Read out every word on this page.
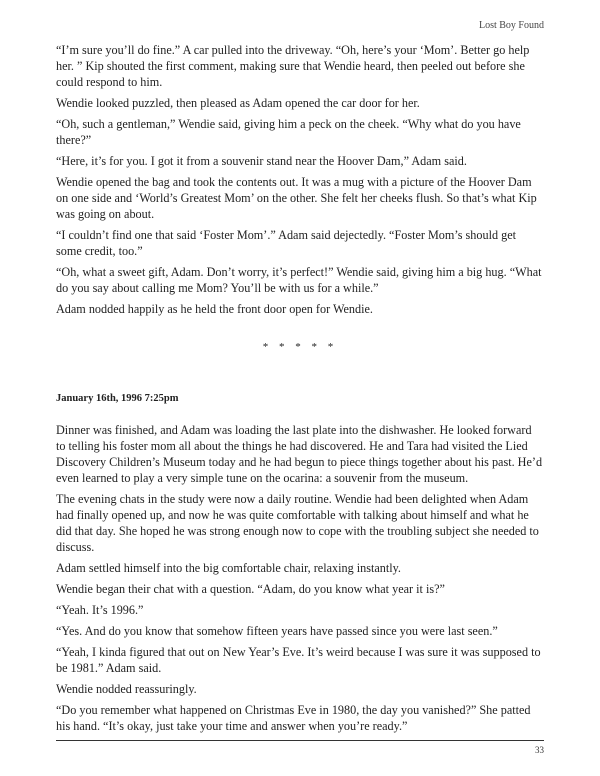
Lost Boy Found

“I’m sure you’ll do fine.” A car pulled into the driveway. “Oh, here’s your ‘Mom’. Better go help her. ” Kip shouted the first comment, making sure that Wendie heard, then peeled out before she could respond to him.

Wendie looked puzzled, then pleased as Adam opened the car door for her.

“Oh, such a gentleman,” Wendie said, giving him a peck on the cheek. “Why what do you have there?”

“Here, it’s for you. I got it from a souvenir stand near the Hoover Dam,” Adam said.

Wendie opened the bag and took the contents out. It was a mug with a picture of the Hoover Dam on one side and ‘World’s Greatest Mom’ on the other. She felt her cheeks flush. So that’s what Kip was going on about.

“I couldn’t find one that said ‘Foster Mom’.” Adam said dejectedly. “Foster Mom’s should get some credit, too.”

“Oh, what a sweet gift, Adam. Don’t worry, it’s perfect!” Wendie said, giving him a big hug. “What do you say about calling me Mom? You’ll be with us for a while.”

Adam nodded happily as he held the front door open for Wendie.

* * * * *
January 16th, 1996 7:25pm

Dinner was finished, and Adam was loading the last plate into the dishwasher. He looked forward to telling his foster mom all about the things he had discovered. He and Tara had visited the Lied Discovery Children’s Museum today and he had begun to piece things together about his past. He’d even learned to play a very simple tune on the ocarina: a souvenir from the museum.

The evening chats in the study were now a daily routine. Wendie had been delighted when Adam had finally opened up, and now he was quite comfortable with talking about himself and what he did that day. She hoped he was strong enough now to cope with the troubling subject she needed to discuss.

Adam settled himself into the big comfortable chair, relaxing instantly.

Wendie began their chat with a question. “Adam, do you know what year it is?”

“Yeah. It’s 1996.”

“Yes. And do you know that somehow fifteen years have passed since you were last seen.”

“Yeah, I kinda figured that out on New Year’s Eve. It’s weird because I was sure it was supposed to be 1981.” Adam said.

Wendie nodded reassuringly.

“Do you remember what happened on Christmas Eve in 1980, the day you vanished?” She patted his hand. “It’s okay, just take your time and answer when you’re ready.”

33
